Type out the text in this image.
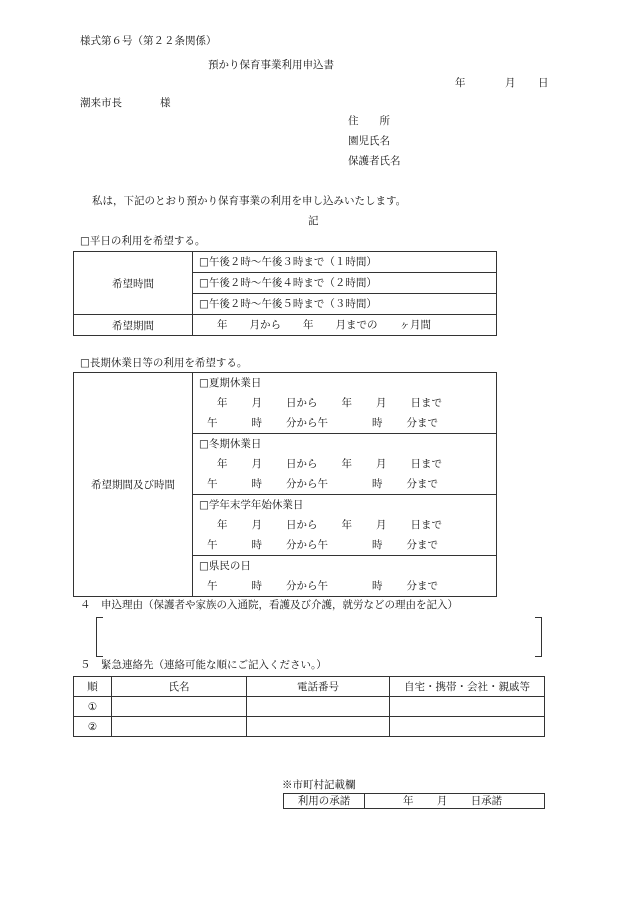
様式第６号（第２２条関係）
預かり保育事業利用申込書
年	月 日
潮来市長	様
住　　所
園児氏名
保護者氏名
私は，下記のとおり預かり保育事業の利用を申し込みいたします。
記
□平日の利用を希望する。
希望時間	□午後２時～午後３時まで（１時間）

	□午後２時～午後４時まで（２時間）

	□午後２時～午後５時まで（３時間）

希望期間	年 月から 年 月までの ヶ月間
□長期休業日等の利用を希望する。
希望期間及び時間	
□夏期休業日
年 月 日から 年 月 日まで
午	時 分から午	時 分まで

□冬期休業日
年 月 日から 年 月 日まで
午	時 分から午	時 分まで

□学年末学年始休業日
年 月 日から 年 月 日まで
午	時 分から午	時 分まで

□県民の日
午	時 分から午	時 分まで
４　申込理由（保護者や家族の入通院，看護及び介護，就労などの理由を記入）
５　緊急連絡先（連絡可能な順にご記入ください。）
順	氏名	電話番号	自宅・携帯・会社・親戚等
①			
②			
※市町村記載欄
利用の承諾	年 月 日承諾
